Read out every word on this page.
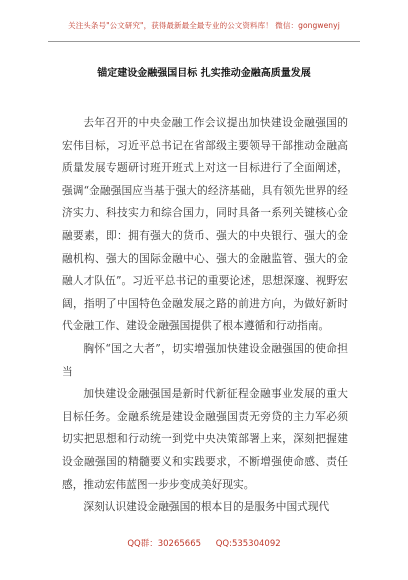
关注头条号"公文研究"，获得最新最全最专业的公文资料库！ 微信：gongwenyj
锚定建设金融强国目标 扎实推动金融高质量发展

去年召开的中央金融工作会议提出加快建设金融强国的宏伟目标，习近平总书记在省部级主要领导干部推动金融高质量发展专题研讨班开班式上对这一目标进行了全面阐述，强调“金融强国应当基于强大的经济基础，具有领先世界的经济实力、科技实力和综合国力，同时具备一系列关键核心金融要素，即：拥有强大的货币、强大的中央银行、强大的金融机构、强大的国际金融中心、强大的金融监管、强大的金融人才队伍”。习近平总书记的重要论述，思想深邃、视野宏阔，指明了中国特色金融发展之路的前进方向，为做好新时代金融工作、建设金融强国提供了根本遵循和行动指南。

胸怀“国之大者”，切实增强加快建设金融强国的使命担当

加快建设金融强国是新时代新征程金融事业发展的重大目标任务。金融系统是建设金融强国责无旁贷的主力军必须切实把思想和行动统一到党中央决策部署上来，深刻把握建设金融强国的精髓要义和实践要求，不断增强使命感、责任感，推动宏伟蓝图一步步变成美好现实。

深刻认识建设金融强国的根本目的是服务中国式现代

QQ群：30265665 QQ:535304092
